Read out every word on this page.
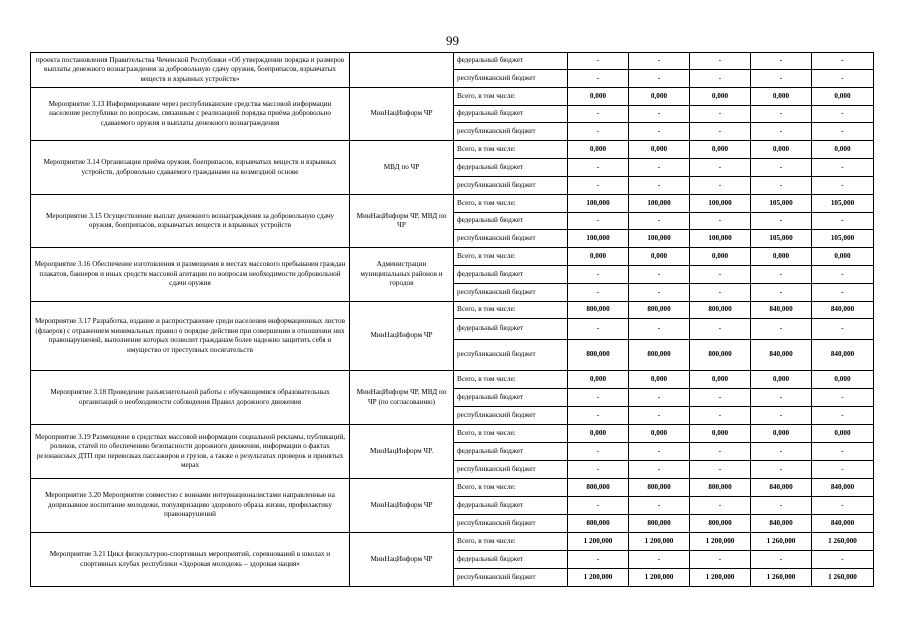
99
проекта постановления Правительства Чеченской Республики «Об утверждении порядка и размеров выплаты денежного вознаграждения за добровольную сдачу оружия, боеприпасов, взрывчатых веществ и взрывных устройств»		федеральный бюджет	-	-	-	-	-
		республиканский бюджет	-	-	-	-	-
Мероприятие 3.13 Информирование через республиканские средства массовой информации население республики по вопросам, связанным с реализацией порядка приёма добровольно сдаваемого оружия и выплаты денежного вознаграждения	МинНацИнформ ЧР	Всего, в том числе:	0,000	0,000	0,000	0,000	0,000
		федеральный бюджет	-	-	-	-	-
		республиканский бюджет	-	-	-	-	-
Мероприятие 3.14 Организация приёма оружия, боеприпасов, взрывчатых веществ и взрывных устройств, добровольно сдаваемого гражданами на возмездной основе	МВД по ЧР	Всего, в том числе:	0,000	0,000	0,000	0,000	0,000
		федеральный бюджет	-	-	-	-	-
		республиканский бюджет	-	-	-	-	-
Мероприятие 3.15 Осуществление выплат денежного вознаграждения за добровольную сдачу оружия, боеприпасов, взрывчатых веществ и взрывных устройств	МинНацИнформ ЧР, МВД по ЧР	Всего, в том числе:	100,000	100,000	100,000	105,000	105,000
		федеральный бюджет	-	-	-	-	-
		республиканский бюджет	100,000	100,000	100,000	105,000	105,000
Мероприятие 3.16 Обеспечение изготовления и размещения в местах массового пребывания граждан плакатов, баннеров и иных средств массовой агитации по вопросам необходимости добровольной сдачи оружия	Администрации муниципальных районов и городов	Всего, в том числе:	0,000	0,000	0,000	0,000	0,000
		федеральный бюджет	-	-	-	-	-
		республиканский бюджет	-	-	-	-	-
Мероприятие 3.17 Разработка, издание и распространение среди населения информационных листов (флаеров) с отражением минимальных правил о порядке действия при совершении в отношении них правонарушений, выполнение которых позволит гражданам более надежно защитить себя и имущество от преступных посягательств	МинНацИнформ ЧР	Всего, в том числе:	800,000	800,000	800,000	840,000	840,000
		федеральный бюджет	-	-	-	-	-
		республиканский бюджет	800,000	800,000	800,000	840,000	840,000
Мероприятие 3.18 Проведение разъяснительной работы с обучающимися образовательных организаций о необходимости соблюдения Правил дорожного движения	МинНацИнформ ЧР, МВД по ЧР (по согласованию)	Всего, в том числе:	0,000	0,000	0,000	0,000	0,000
		федеральный бюджет	-	-	-	-	-
		республиканский бюджет	-	-	-	-	-
Мероприятие 3.19 Размещение в средствах массовой информации социальной рекламы, публикаций, роликов, статей по обеспечению безопасности дорожного движения, информации о фактах резонансных ДТП при перевозках пассажиров и грузов, а также о результатах проверок и принятых мерах	МинНацИнформ ЧР.	Всего, в том числе:	0,000	0,000	0,000	0,000	0,000
		федеральный бюджет	-	-	-	-	-
		республиканский бюджет	-	-	-	-	-
Мероприятие 3.20 Мероприятие совместно с воинами интернационалистами направленные на допризывное воспитание молодежи, популяризацию здорового образа жизни, профилактику правонарушений	МинНацИнформ ЧР	Всего, в том числе:	800,000	800,000	800,000	840,000	840,000
		федеральный бюджет	-	-	-	-	-
		республиканский бюджет	800,000	800,000	800,000	840,000	840,000
Мероприятие 3.21 Цикл физкультурно-спортивных мероприятий, соревнований в школах и спортивных клубах республики «Здоровая молодежь – здоровая нация»	МинНацИнформ ЧР	Всего, в том числе:	1 200,000	1 200,000	1 200,000	1 260,000	1 260,000
		федеральный бюджет	-	-	-	-	-
		республиканский бюджет	1 200,000	1 200,000	1 200,000	1 260,000	1 260,000
